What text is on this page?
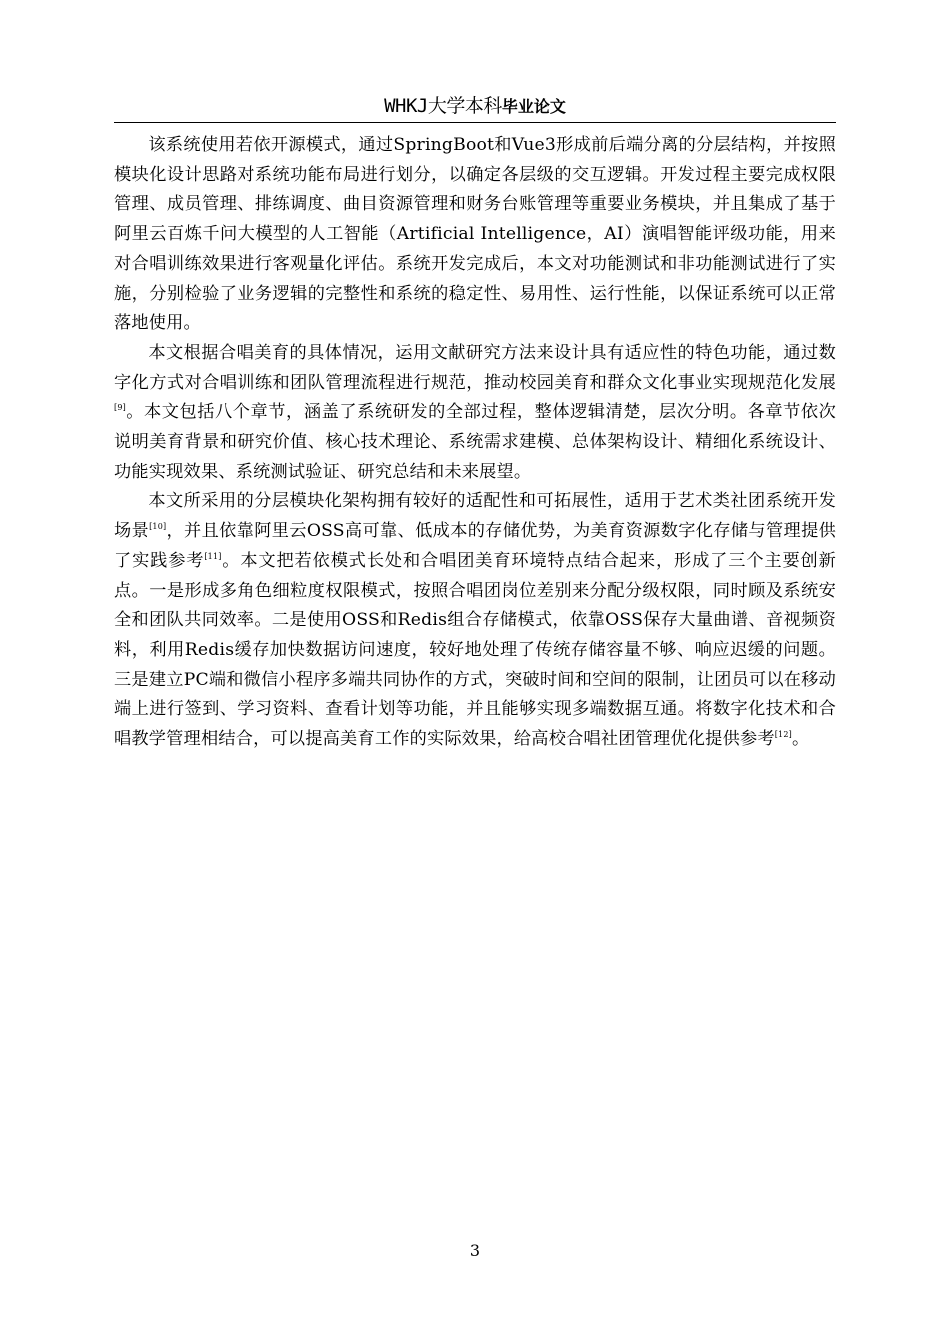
WHKJ大学本科毕业论文

该系统使用若依开源模式，通过SpringBoot和Vue3形成前后端分离的分层结构，并按照模块化设计思路对系统功能布局进行划分，以确定各层级的交互逻辑。开发过程主要完成权限管理、成员管理、排练调度、曲目资源管理和财务台账管理等重要业务模块，并且集成了基于阿里云百炼千问大模型的人工智能（Artificial Intelligence，AI）演唱智能评级功能，用来对合唱训练效果进行客观量化评估。系统开发完成后，本文对功能测试和非功能测试进行了实施，分别检验了业务逻辑的完整性和系统的稳定性、易用性、运行性能，以保证系统可以正常落地使用。

本文根据合唱美育的具体情况，运用文献研究方法来设计具有适应性的特色功能，通过数字化方式对合唱训练和团队管理流程进行规范，推动校园美育和群众文化事业实现规范化发展[9]。本文包括八个章节，涵盖了系统研发的全部过程，整体逻辑清楚，层次分明。各章节依次说明美育背景和研究价值、核心技术理论、系统需求建模、总体架构设计、精细化系统设计、功能实现效果、系统测试验证、研究总结和未来展望。

本文所采用的分层模块化架构拥有较好的适配性和可拓展性，适用于艺术类社团系统开发场景[10]，并且依靠阿里云OSS高可靠、低成本的存储优势，为美育资源数字化存储与管理提供了实践参考[11]。本文把若依模式长处和合唱团美育环境特点结合起来，形成了三个主要创新点。一是形成多角色细粒度权限模式，按照合唱团岗位差别来分配分级权限，同时顾及系统安全和团队共同效率。二是使用OSS和Redis组合存储模式，依靠OSS保存大量曲谱、音视频资料，利用Redis缓存加快数据访问速度，较好地处理了传统存储容量不够、响应迟缓的问题。三是建立PC端和微信小程序多端共同协作的方式，突破时间和空间的限制，让团员可以在移动端上进行签到、学习资料、查看计划等功能，并且能够实现多端数据互通。将数字化技术和合唱教学管理相结合，可以提高美育工作的实际效果，给高校合唱社团管理优化提供参考[12]。

3
